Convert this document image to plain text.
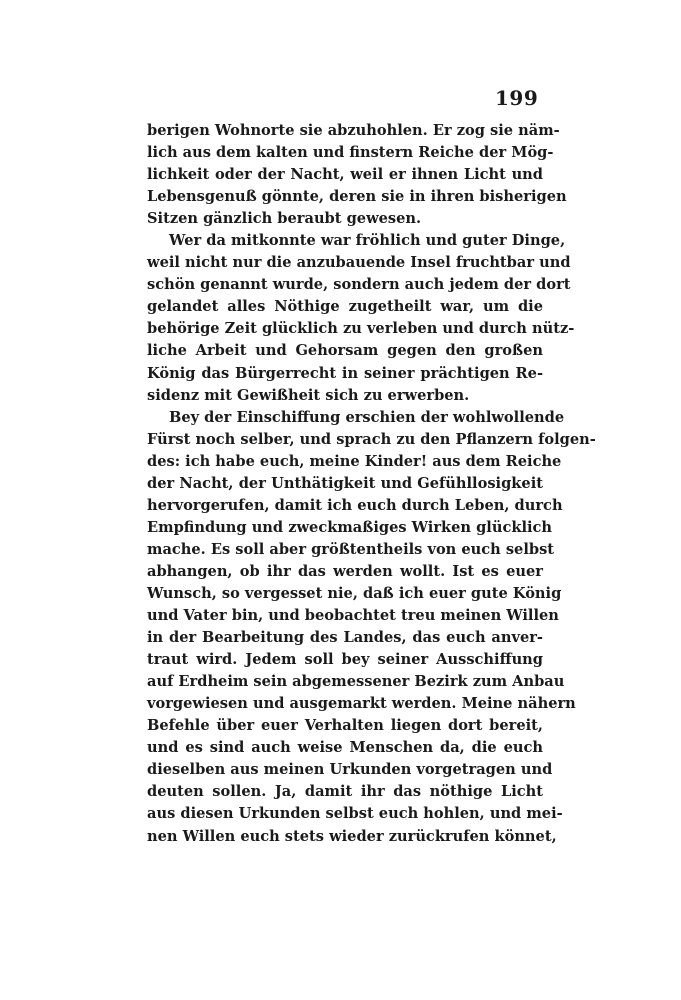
199
berigen Wohnorte sie abzuhohlen. Er zog sie näm-
lich aus dem kalten und finstern Reiche der Mög-
lichkeit oder der Nacht, weil er ihnen Licht und
Lebensgenuß gönnte, deren sie in ihren bisherigen
Sitzen gänzlich beraubt gewesen.
Wer da mitkonnte war fröhlich und guter Dinge,
weil nicht nur die anzubauende Insel fruchtbar und
schön genannt wurde, sondern auch jedem der dort
gelandet alles Nöthige zugetheilt war, um die
behörige Zeit glücklich zu verleben und durch nütz-
liche Arbeit und Gehorsam gegen den großen
König das Bürgerrecht in seiner prächtigen Re-
sidenz mit Gewißheit sich zu erwerben.
Bey der Einschiffung erschien der wohlwollende
Fürst noch selber, und sprach zu den Pflanzern folgen-
des: ich habe euch, meine Kinder! aus dem Reiche
der Nacht, der Unthätigkeit und Gefühllosigkeit
hervorgerufen, damit ich euch durch Leben, durch
Empfindung und zweckmaßiges Wirken glücklich
mache. Es soll aber größtentheils von euch selbst
abhangen, ob ihr das werden wollt. Ist es euer
Wunsch, so vergesset nie, daß ich euer gute König
und Vater bin, und beobachtet treu meinen Willen
in der Bearbeitung des Landes, das euch anver-
traut wird. Jedem soll bey seiner Ausschiffung
auf Erdheim sein abgemessener Bezirk zum Anbau
vorgewiesen und ausgemarkt werden. Meine nähern
Befehle über euer Verhalten liegen dort bereit,
und es sind auch weise Menschen da, die euch
dieselben aus meinen Urkunden vorgetragen und
deuten sollen. Ja, damit ihr das nöthige Licht
aus diesen Urkunden selbst euch hohlen, und mei-
nen Willen euch stets wieder zurückrufen könnet,
